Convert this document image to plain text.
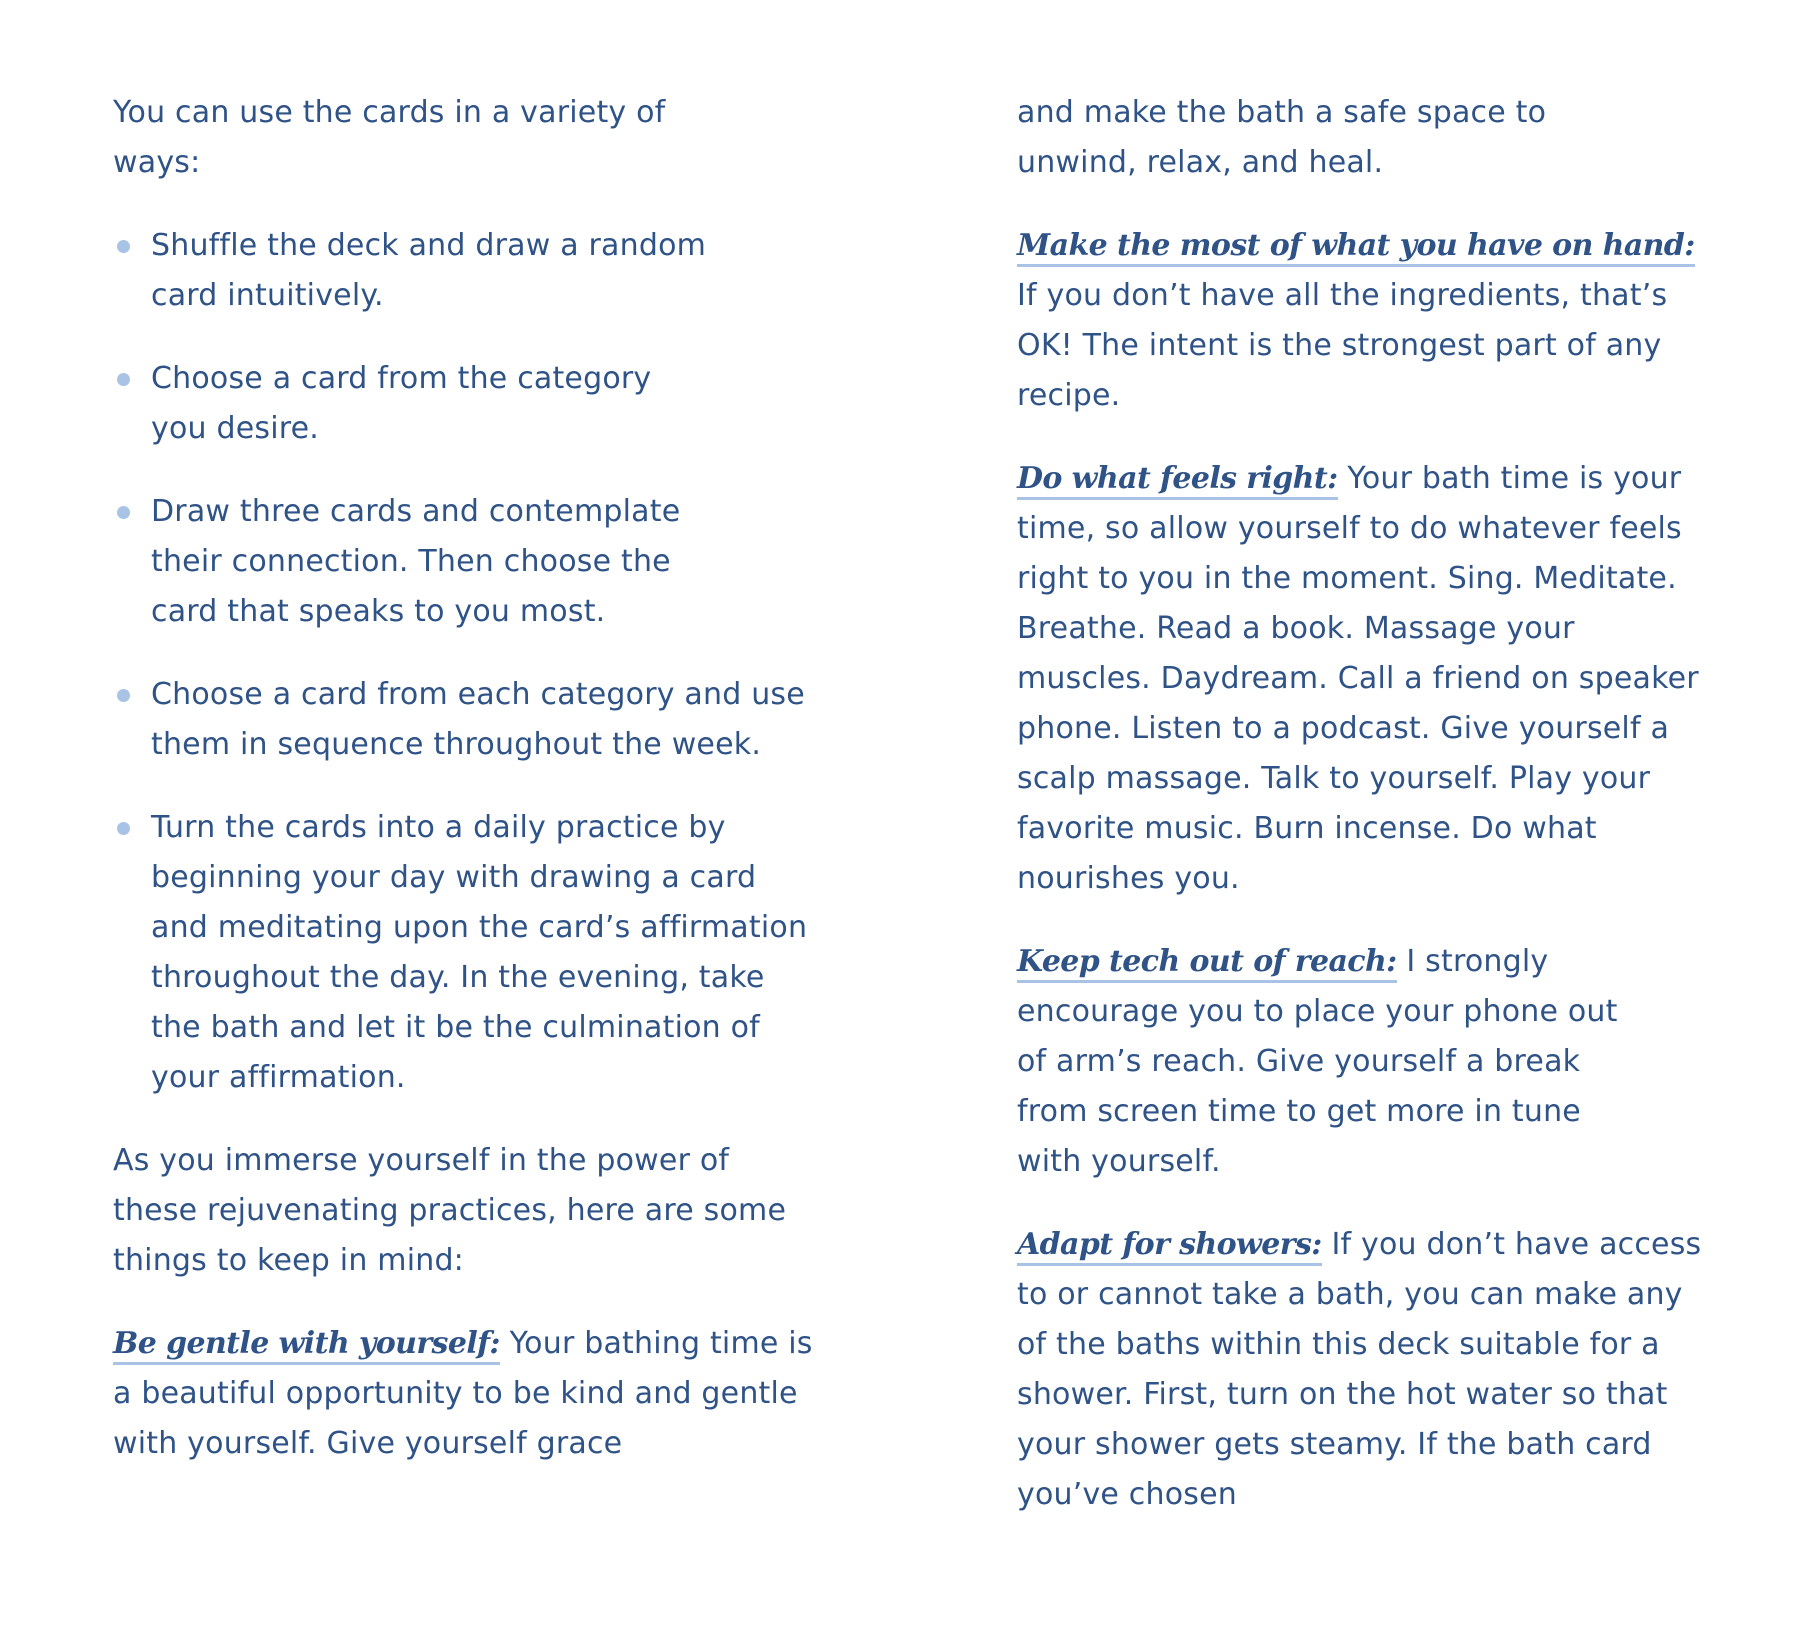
You can use the cards in a variety of ways:

Shuffle the deck and draw a random card intuitively.
Choose a card from the category you desire.
Draw three cards and contemplate their connection. Then choose the card that speaks to you most.
Choose a card from each category and use them in sequence throughout the week.
Turn the cards into a daily practice by beginning your day with drawing a card and meditating upon the card’s affirmation throughout the day. In the evening, take the bath and let it be the culmination of your affirmation.

As you immerse yourself in the power of these rejuvenating practices, here are some things to keep in mind:

Be gentle with yourself: Your bathing time is a beautiful opportunity to be kind and gentle with yourself. Give yourself grace

and make the bath a safe space to unwind, relax, and heal.

Make the most of what you have on hand: If you don’t have all the ingredients, that’s OK! The intent is the strongest part of any recipe.

Do what feels right: Your bath time is your time, so allow yourself to do whatever feels right to you in the moment. Sing. Meditate. Breathe. Read a book. Massage your muscles. Daydream. Call a friend on speaker phone. Listen to a podcast. Give yourself a scalp massage. Talk to yourself. Play your favorite music. Burn incense. Do what nourishes you.

Keep tech out of reach: I strongly encourage you to place your phone out of arm’s reach. Give yourself a break from screen time to get more in tune with yourself.

Adapt for showers: If you don’t have access to or cannot take a bath, you can make any of the baths within this deck suitable for a shower. First, turn on the hot water so that your shower gets steamy. If the bath card you’ve chosen
